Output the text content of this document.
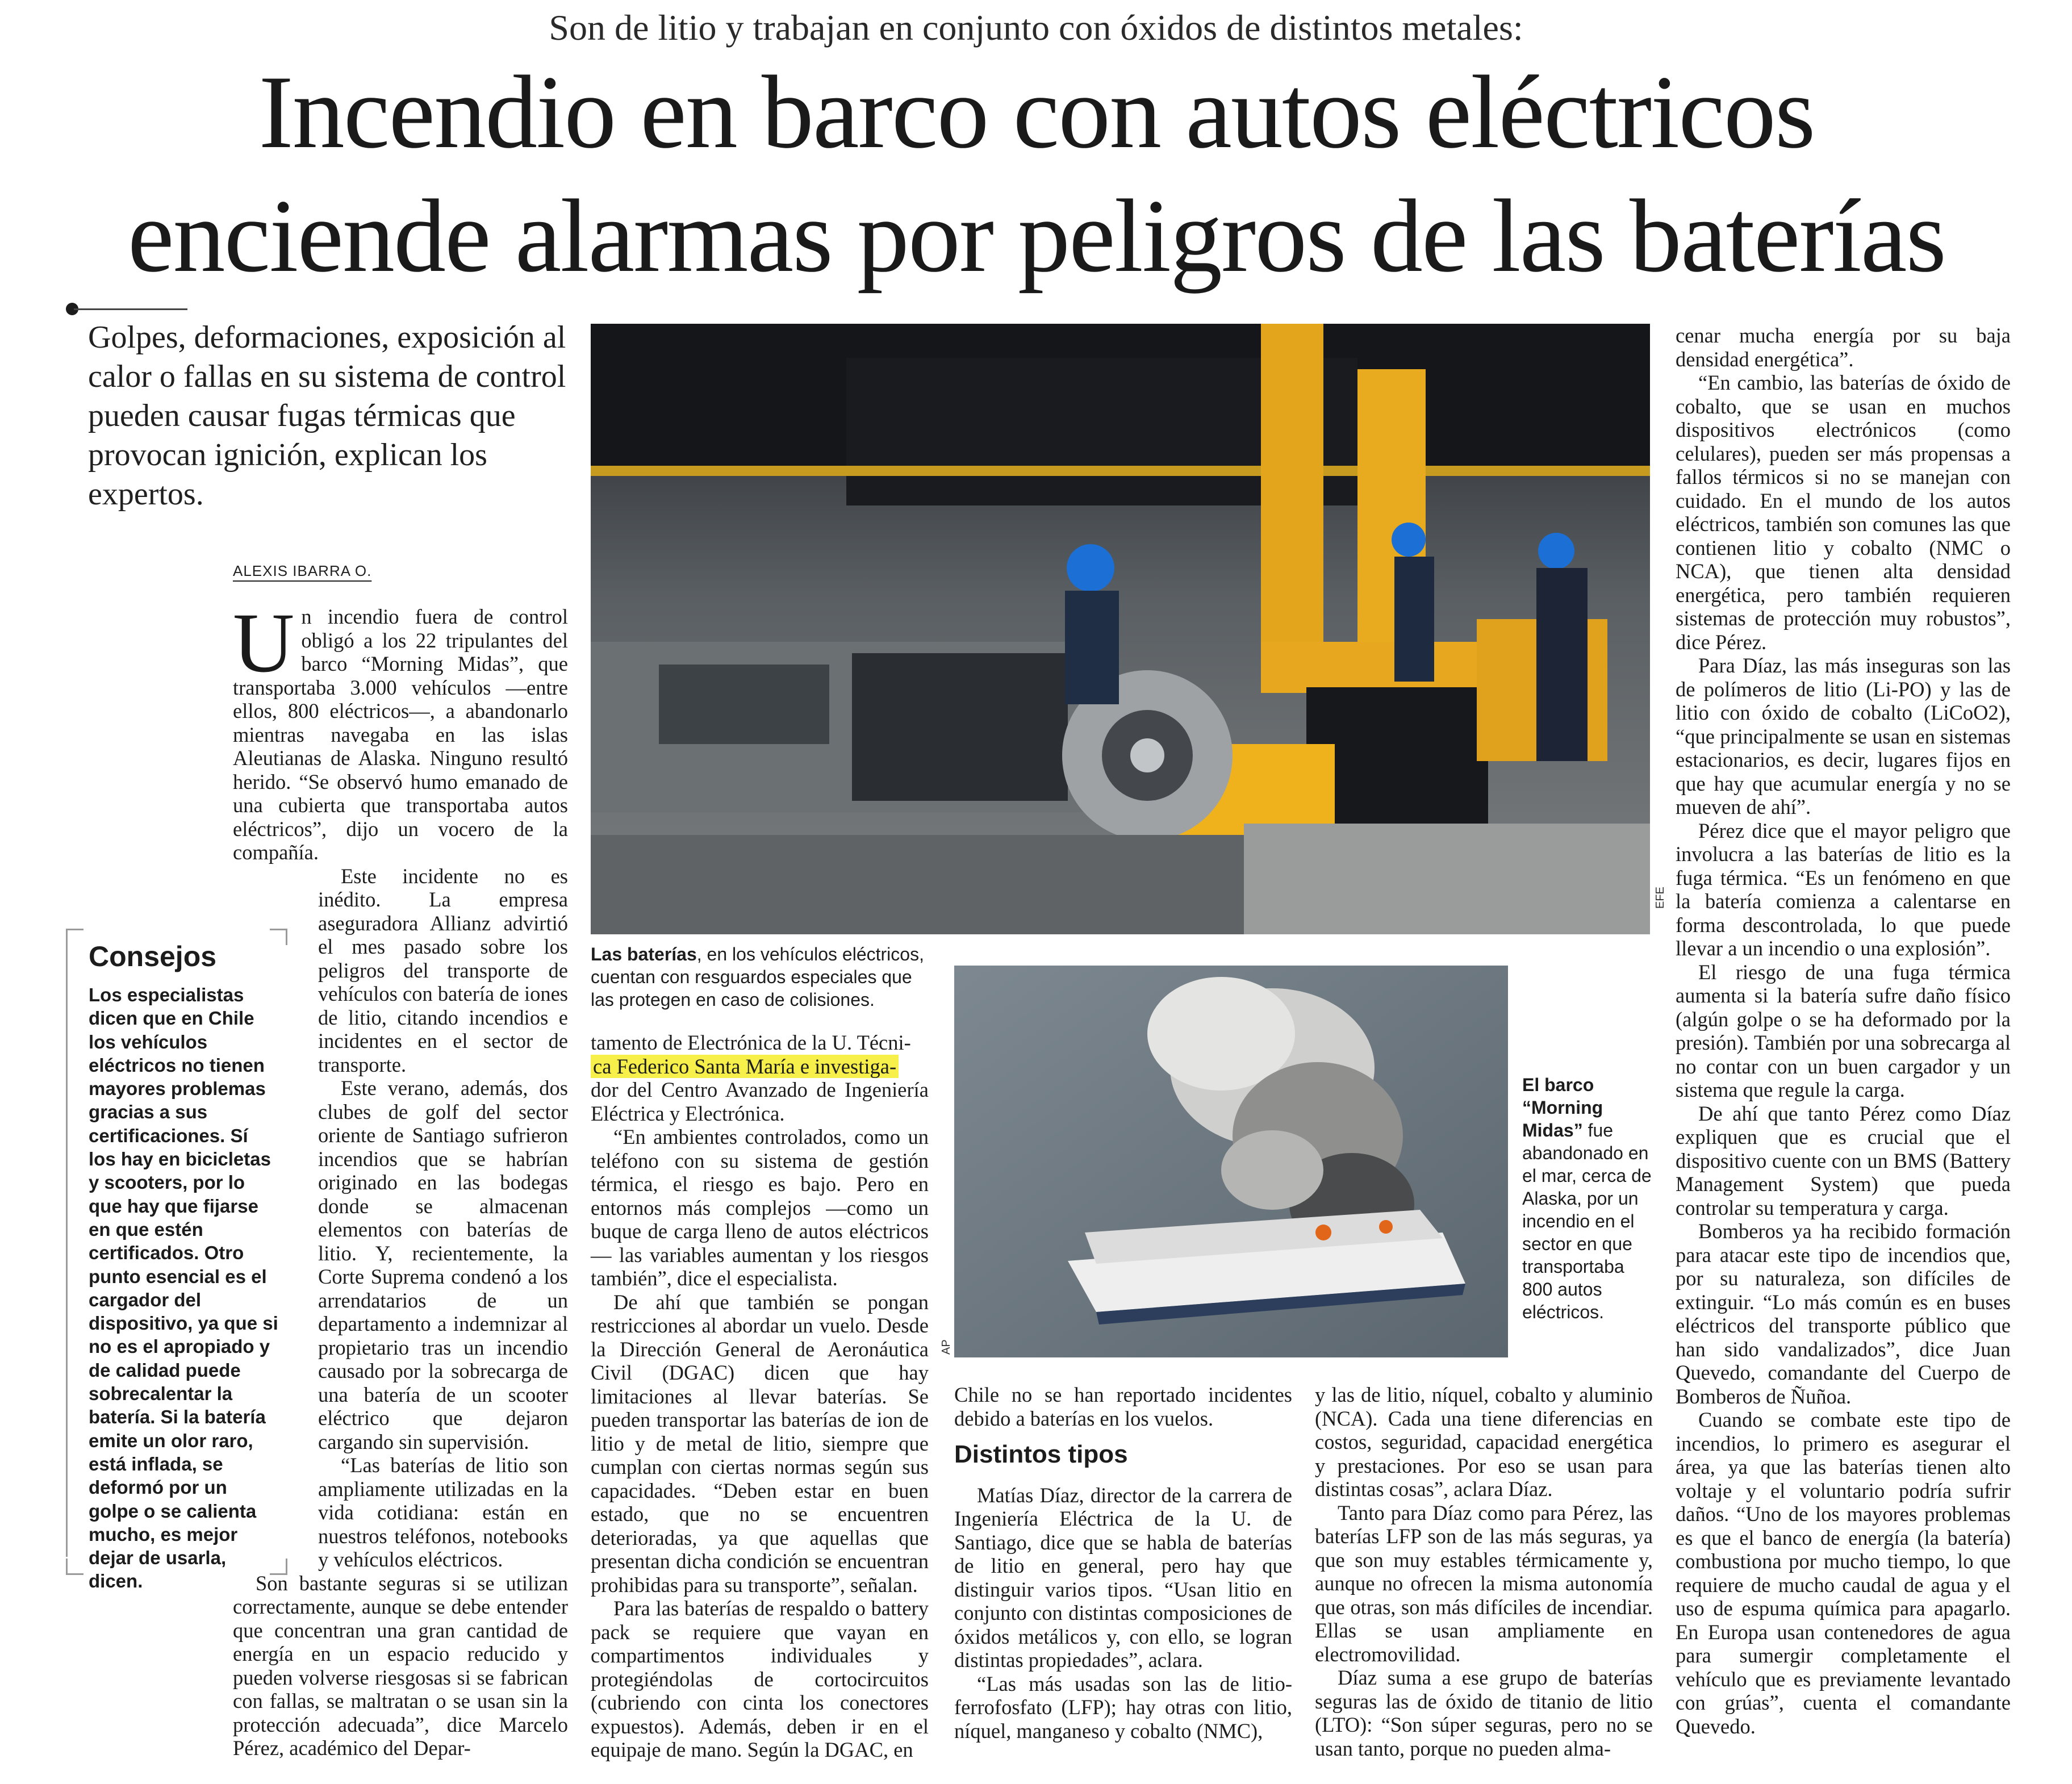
Son de litio y trabajan en conjunto con óxidos de distintos metales:
Incendio en barco con autos eléctricos
enciende alarmas por peligros de las baterías
Golpes, deformaciones, exposición al calor o fallas en su sistema de control pueden causar fugas térmicas que provocan ignición, explican los expertos.
ALEXIS IBARRA O.
Consejos
Los especialistas dicen que en Chile los vehículos eléctricos no tienen mayores problemas gracias a sus certificaciones. Sí los hay en bicicletas y scooters, por lo que hay que fijarse en que estén certificados. Otro punto esencial es el cargador del dispositivo, ya que si no es el apropiado y de calidad puede sobrecalentar la batería. Si la batería emite un olor raro, está inflada, se deformó por un golpe o se calienta mucho, es mejor dejar de usarla, dicen.

Un incendio fuera de control obligó a los 22 tripulantes del barco “Morning Midas”, que transportaba 3.000 vehículos —entre ellos, 800 eléctricos—, a abandonarlo mientras navegaba en las islas Aleutianas de Alaska. Ninguno resultó herido. “Se observó humo emanado de una cubierta que transportaba autos eléctricos”, dijo un vocero de la compañía.

Este incidente no es inédito. La empresa aseguradora Allianz advirtió el mes pasado sobre los peligros del transporte de vehículos con batería de iones de litio, citando incendios e incidentes en el sector de transporte.

Este verano, además, dos clubes de golf del sector oriente de Santiago sufrieron incendios que se habrían originado en las bodegas donde se almacenan elementos con baterías de litio. Y, recientemente, la Corte Suprema condenó a los arrendatarios de un departamento a indemnizar al propietario tras un incendio causado por la sobrecarga de una batería de un scooter eléctrico que dejaron cargando sin supervisión.

“Las baterías de litio son ampliamente utilizadas en la vida cotidiana: están en nuestros teléfonos, notebooks y vehículos eléctricos.

Son bastante seguras si se utilizan correctamente, aunque se debe entender que concentran una gran cantidad de energía en un espacio reducido y pueden volverse riesgosas si se fabrican con fallas, se maltratan o se usan sin la protección adecuada”, dice Marcelo Pérez, académico del Depar-

EFE
Las baterías, en los vehículos eléctricos, cuentan con resguardos especiales que las protegen en caso de colisiones.
AP
El barco “Morning Midas” fue abandonado en el mar, cerca de Alaska, por un incendio en el sector en que transportaba 800 autos eléctricos.

tamento de Electrónica de la U. Técni-
ca Federico Santa María e investiga-
dor del Centro Avanzado de Ingeniería Eléctrica y Electrónica.

“En ambientes controlados, como un teléfono con su sistema de gestión térmica, el riesgo es bajo. Pero en entornos más complejos —como un buque de carga lleno de autos eléctricos— las variables aumentan y los riesgos también”, dice el especialista.

De ahí que también se pongan restricciones al abordar un vuelo. Desde la Dirección General de Aeronáutica Civil (DGAC) dicen que hay limitaciones al llevar baterías. Se pueden transportar las baterías de ion de litio y de metal de litio, siempre que cumplan con ciertas normas según sus capacidades. “Deben estar en buen estado, que no se encuentren deterioradas, ya que aquellas que presentan dicha condición se encuentran prohibidas para su transporte”, señalan.

Para las baterías de respaldo o battery pack se requiere que vayan en compartimentos individuales y protegiéndolas de cortocircuitos (cubriendo con cinta los conectores expuestos). Además, deben ir en el equipaje de mano. Según la DGAC, en

Chile no se han reportado incidentes debido a baterías en los vuelos.

Distintos tipos

Matías Díaz, director de la carrera de Ingeniería Eléctrica de la U. de Santiago, dice que se habla de baterías de litio en general, pero hay que distinguir varios tipos. “Usan litio en conjunto con distintas composiciones de óxidos metálicos y, con ello, se logran distintas propiedades”, aclara.

“Las más usadas son las de litio-ferrofosfato (LFP); hay otras con litio, níquel, manganeso y cobalto (NMC),

y las de litio, níquel, cobalto y aluminio (NCA). Cada una tiene diferencias en costos, seguridad, capacidad energética y prestaciones. Por eso se usan para distintas cosas”, aclara Díaz.

Tanto para Díaz como para Pérez, las baterías LFP son de las más seguras, ya que son muy estables térmicamente y, aunque no ofrecen la misma autonomía que otras, son más difíciles de incendiar. Ellas se usan ampliamente en electromovilidad.

Díaz suma a ese grupo de baterías seguras las de óxido de titanio de litio (LTO): “Son súper seguras, pero no se usan tanto, porque no pueden alma-

cenar mucha energía por su baja densidad energética”.

“En cambio, las baterías de óxido de cobalto, que se usan en muchos dispositivos electrónicos (como celulares), pueden ser más propensas a fallos térmicos si no se manejan con cuidado. En el mundo de los autos eléctricos, también son comunes las que contienen litio y cobalto (NMC o NCA), que tienen alta densidad energética, pero también requieren sistemas de protección muy robustos”, dice Pérez.

Para Díaz, las más inseguras son las de polímeros de litio (Li-PO) y las de litio con óxido de cobalto (LiCoO2), “que principalmente se usan en sistemas estacionarios, es decir, lugares fijos en que hay que acumular energía y no se mueven de ahí”.

Pérez dice que el mayor peligro que involucra a las baterías de litio es la fuga térmica. “Es un fenómeno en que la batería comienza a calentarse en forma descontrolada, lo que puede llevar a un incendio o una explosión”.

El riesgo de una fuga térmica aumenta si la batería sufre daño físico (algún golpe o se ha deformado por la presión). También por una sobrecarga al no contar con un buen cargador y un sistema que regule la carga.

De ahí que tanto Pérez como Díaz expliquen que es crucial que el dispositivo cuente con un BMS (Battery Management System) que pueda controlar su temperatura y carga.

Bomberos ya ha recibido formación para atacar este tipo de incendios que, por su naturaleza, son difíciles de extinguir. “Lo más común es en buses eléctricos del transporte público que han sido vandalizados”, dice Juan Quevedo, comandante del Cuerpo de Bomberos de Ñuñoa.

Cuando se combate este tipo de incendios, lo primero es asegurar el área, ya que las baterías tienen alto voltaje y el voluntario podría sufrir daños. “Uno de los mayores problemas es que el banco de energía (la batería) combustiona por mucho tiempo, lo que requiere de mucho caudal de agua y el uso de espuma química para apagarlo. En Europa usan contenedores de agua para sumergir completamente el vehículo que es previamente levantado con grúas”, cuenta el comandante Quevedo.
